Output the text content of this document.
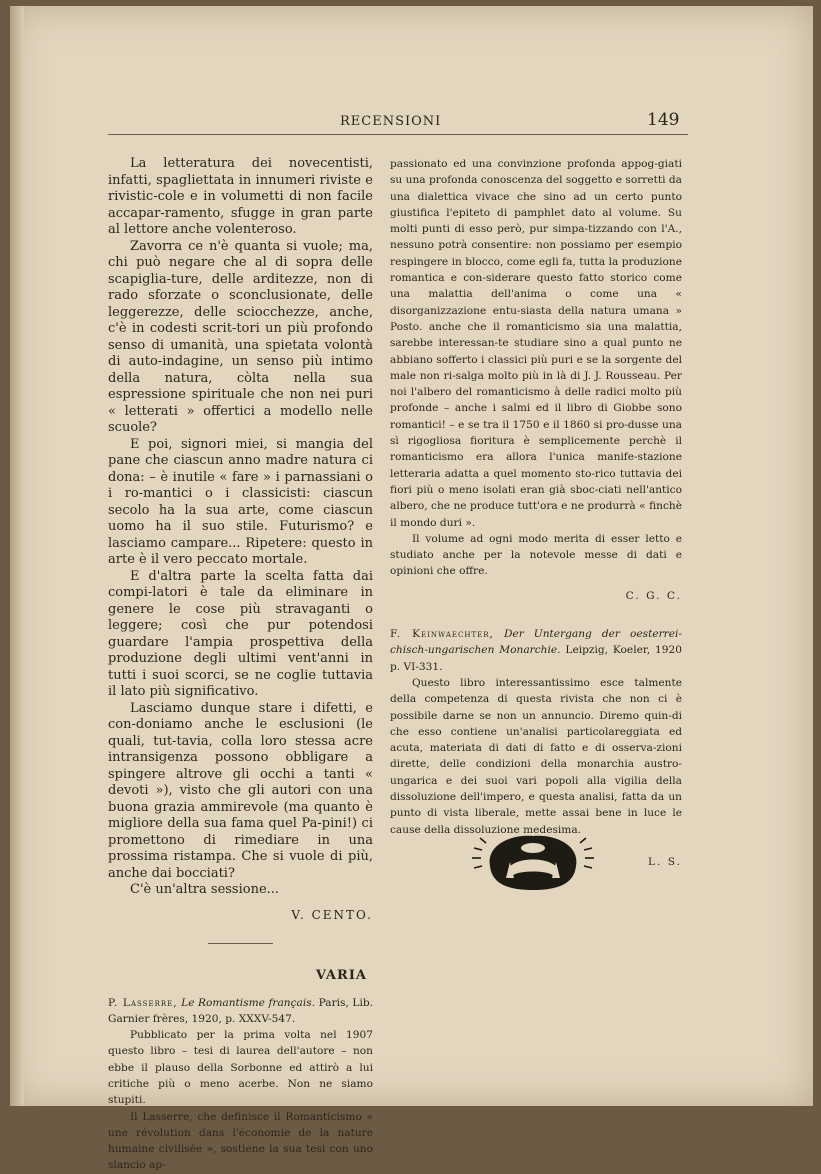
RECENSIONI	149

La letteratura dei novecentisti, infatti, spagliettata in innumeri riviste e rivistic-cole e in volumetti di non facile accapar-ramento, sfugge in gran parte al lettore anche volenteroso.

Zavorra ce n'è quanta si vuole; ma, chi può negare che al di sopra delle scapiglia-ture, delle arditezze, non di rado sforzate o sconclusionate, delle leggerezze, delle sciocchezze, anche, c'è in codesti scrit-tori un più profondo senso di umanità, una spietata volontà di auto-indagine, un senso più intimo della natura, còlta nella sua espressione spirituale che non nei puri « letterati » offertici a modello nelle scuole?

E poi, signori miei, si mangia del pane che ciascun anno madre natura ci dona: – è inutile « fare » i parnassiani o i ro-mantici o i classicisti: ciascun secolo ha la sua arte, come ciascun uomo ha il suo stile. Futurismo? e lasciamo campare... Ripetere: questo in arte è il vero peccato mortale.

E d'altra parte la scelta fatta dai compi-latori è tale da eliminare in genere le cose più stravaganti o leggere; così che pur potendosi guardare l'ampia prospettiva della produzione degli ultimi vent'anni in tutti i suoi scorci, se ne coglie tuttavia il lato più significativo.

Lasciamo dunque stare i difetti, e con-doniamo anche le esclusioni (le quali, tut-tavia, colla loro stessa acre intransigenza possono obbligare a spingere altrove gli occhi a tanti « devoti »), visto che gli autori con una buona grazia ammirevole (ma quanto è migliore della sua fama quel Pa-pini!) ci promettono di rimediare in una prossima ristampa. Che si vuole di più, anche dai bocciati?

C'è un'altra sessione...

V. CENTO.
VARIA

P. Lasserre, Le Romantisme français. Paris, Lib. Garnier frères, 1920, p. XXXV-547.

Pubblicato per la prima volta nel 1907 questo libro – tesi di laurea dell'autore – non ebbe il plauso della Sorbonne ed attirò a lui critiche più o meno acerbe. Non ne siamo stupiti.

Il Lasserre, che definisce il Romanticismo « une révolution dans l'économie de la nature humaine civilisée », sostiene la sua tesi con uno slancio ap-

passionato ed una convinzione profonda appog-giati su una profonda conoscenza del soggetto e sorretti da una dialettica vivace che sino ad un certo punto giustifica l'epiteto di pamphlet dato al volume. Su molti punti di esso però, pur simpa-tizzando con l'A., nessuno potrà consentire: non possiamo per esempio respingere in blocco, come egli fa, tutta la produzione romantica e con-siderare questo fatto storico come una malattia dell'anima o come una « disorganizzazione entu-siasta della natura umana » Posto. anche che il romanticismo sia una malattia, sarebbe interessan-te studiare sino a qual punto ne abbiano sofferto i classici più puri e se la sorgente del male non ri-salga molto più in là di J. J. Rousseau. Per noi l'albero del romanticismo à delle radici molto più profonde – anche i salmi ed il libro di Giobbe sono romantici! – e se tra il 1750 e il 1860 si pro-dusse una sì rigogliosa fioritura è semplicemente perchè il romanticismo era allora l'unica manife-stazione letteraria adatta a quel momento sto-rico tuttavia dei fiori più o meno isolati eran già sboc-ciati nell'antico albero, che ne produce tutt'ora e ne produrrà « finchè il mondo duri ».

Il volume ad ogni modo merita di esser letto e studiato anche per la notevole messe di dati e opinioni che offre.

C. G. C.

F. Keinwaechter, Der Untergang der oesterrei-chisch-ungarischen Monarchie. Leipzig, Koeler, 1920 p. VI-331.

Questo libro interessantissimo esce talmente della competenza di questa rivista che non ci è possibile darne se non un annuncio. Diremo quin-di che esso contiene un'analisi particolareggiata ed acuta, materiata di dati di fatto e di osserva-zioni dirette, delle condizioni della monarchia austro-ungarica e dei suoi vari popoli alla vigilia della dissoluzione dell'impero, e questa analisi, fatta da un punto di vista liberale, mette assai bene in luce le cause della dissoluzione medesima.

L. S.
